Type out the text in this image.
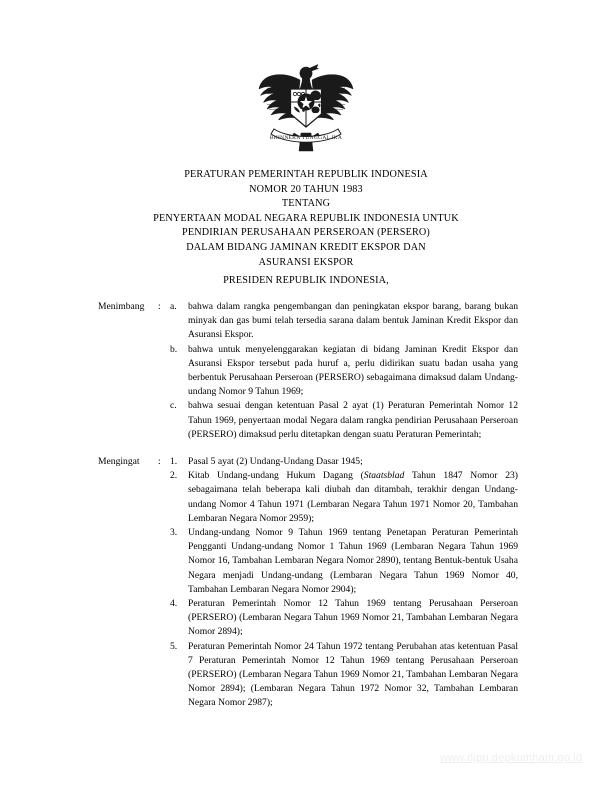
BHINNEKA TUNGGAL IKA
PERATURAN PEMERINTAH REPUBLIK INDONESIA
NOMOR 20 TAHUN 1983
TENTANG
PENYERTAAN MODAL NEGARA REPUBLIK INDONESIA UNTUK
PENDIRIAN PERUSAHAAN PERSEROAN (PERSERO)
DALAM BIDANG JAMINAN KREDIT EKSPOR DAN
ASURANSI EKSPOR
PRESIDEN REPUBLIK INDONESIA,
Menimbang	: a.	bahwa dalam rangka pengembangan dan peningkatan ekspor barang, barang bukan minyak dan gas bumi telah tersedia sarana dalam bentuk Jaminan Kredit Ekspor dan Asuransi Ekspor.
b.	bahwa untuk menyelenggarakan kegiatan di bidang Jaminan Kredit Ekspor dan Asuransi Ekspor tersebut pada huruf a, perlu didirikan suatu badan usaha yang berbentuk Perusahaan Perseroan (PERSERO) sebagaimana dimaksud dalam Undang-undang Nomor 9 Tahun 1969;
c.	bahwa sesuai dengan ketentuan Pasal 2 ayat (1) Peraturan Pemerintah Nomor 12 Tahun 1969, penyertaan modal Negara dalam rangka pendirian Perusahaan Perseroan (PERSERO) dimaksud perlu ditetapkan dengan suatu Peraturan Pemerintah;
Mengingat	: 1.	Pasal 5 ayat (2) Undang-Undang Dasar 1945;
2.	Kitab Undang-undang Hukum Dagang (Staatsblad Tahun 1847 Nomor 23) sebagaimana telah beberapa kali diubah dan ditambah, terakhir dengan Undang-undang Nomor 4 Tahun 1971 (Lembaran Negara Tahun 1971 Nomor 20, Tambahan Lembaran Negara Nomor 2959);
3.	Undang-undang Nomor 9 Tahun 1969 tentang Penetapan Peraturan Pemerintah Pengganti Undang-undang Nomor 1 Tahun 1969 (Lembaran Negara Tahun 1969 Nomor 16, Tambahan Lembaran Negara Nomor 2890), tentang Bentuk-bentuk Usaha Negara menjadi Undang-undang (Lembaran Negara Tahun 1969 Nomor 40, Tambahan Lembaran Negara Nomor 2904);
4.	Peraturan Pemerintah Nomor 12 Tahun 1969 tentang Perusahaan Perseroan (PERSERO) (Lembaran Negara Tahun 1969 Nomor 21, Tambahan Lembaran Negara Nomor 2894);
5.	Peraturan Pemerintah Nomor 24 Tahun 1972 tentang Perubahan atas ketentuan Pasal 7 Peraturan Pemerintah Nomor 12 Tahun 1969 tentang Perusahaan Perseroan (PERSERO) (Lembaran Negara Tahun 1969 Nomor 21, Tambahan Lembaran Negara Nomor 2894); (Lembaran Negara Tahun 1972 Nomor 32, Tambahan Lembaran Negara Nomor 2987);
www.djpp.depkumham.go.id
